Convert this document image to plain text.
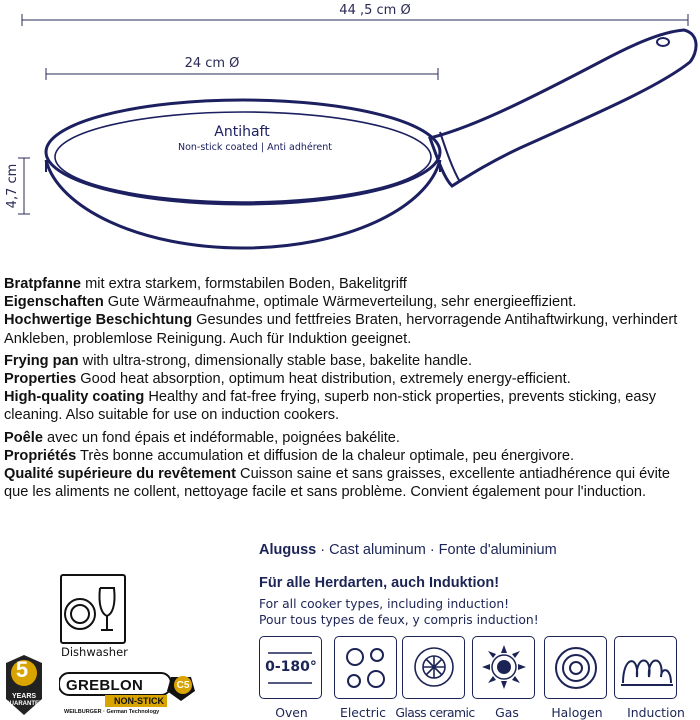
44 ,5 cm Ø
24 cm Ø
4,7 cm
Antihaft
Non-stick coated | Anti adhérent

Bratpfanne mit extra starkem, formstabilen Boden, Bakelitgriff

Eigenschaften Gute Wärmeaufnahme, optimale Wärmeverteilung, sehr energieeffizient.

Hochwertige Beschichtung Gesundes und fettfreies Braten, hervorragende Antihaftwirkung, verhindert Ankleben, problemlose Reinigung. Auch für Induktion geeignet.

Frying pan with ultra-strong, dimensionally stable base, bakelite handle.

Properties Good heat absorption, optimum heat distribution, extremely energy-efficient.

High-quality coating Healthy and fat-free frying, superb non-stick properties, prevents sticking, easy cleaning. Also suitable for use on induction cookers.

Poêle avec un fond épais et indéformable, poignées bakélite.

Propriétés Très bonne accumulation et diffusion de la chaleur optimale, peu énergivore.

Qualité supérieure du revêtement Cuisson saine et sans graisses, excellente antiadhérence qui évite que les aliments ne collent, nettoyage facile et sans problème. Convient également pour l'induction.

Aluguss · Cast aluminum · Fonte d'aluminium
Für alle Herdarten, auch Induktion!
For all cooker types, including induction!
Pour tous types de feux, y compris induction!
0-180°
Oven	Electric Glass ceramic	Gas	Halogen	Induction
Dishwasher
5
YEARS
GUARANTEE
GREBLON
NON-STICK
WEILBURGER · German Technology
C5
